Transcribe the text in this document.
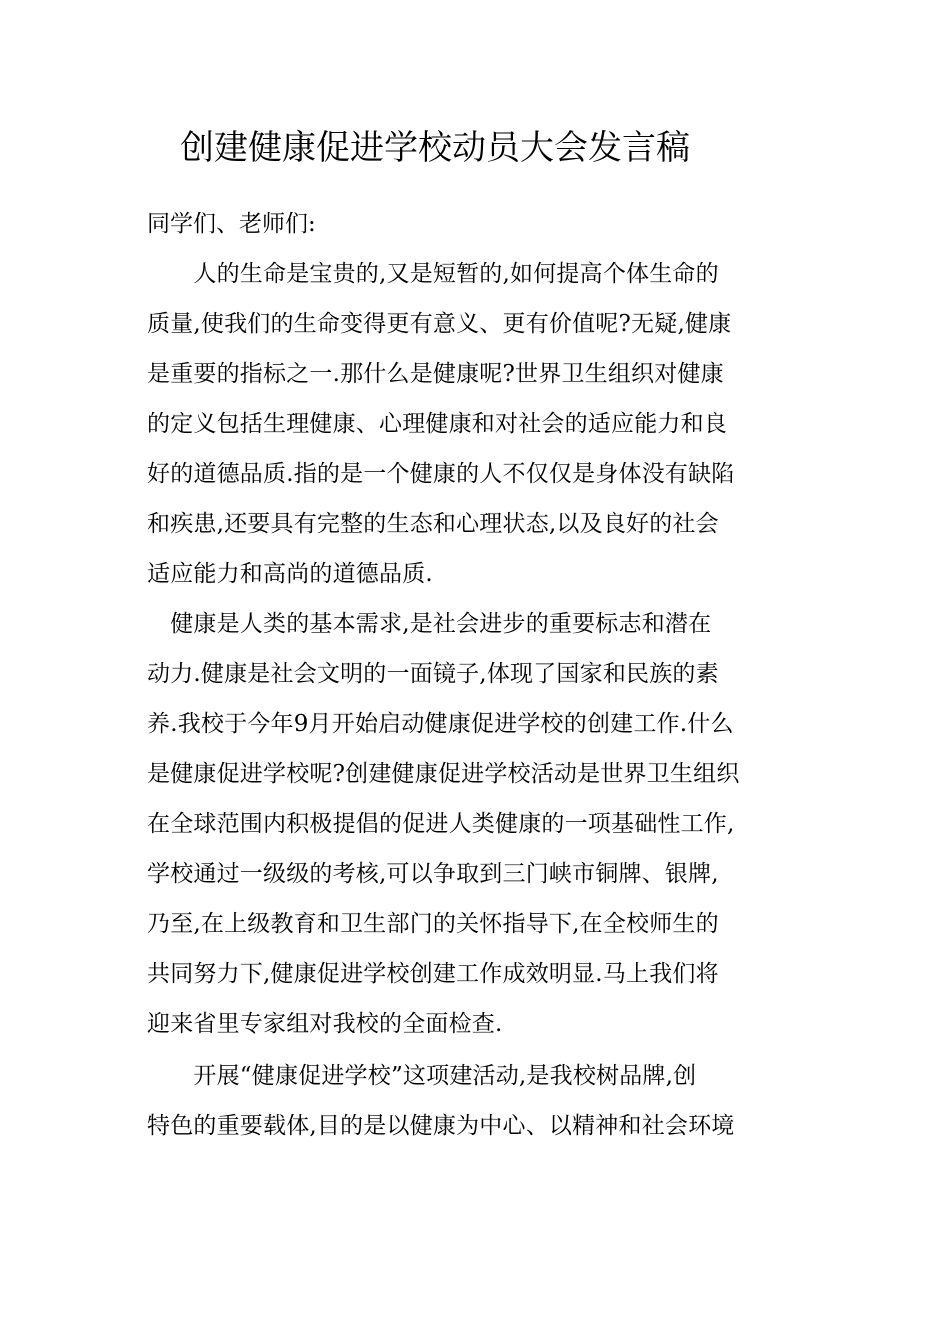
创建健康促进学校动员大会发言稿
同学们、老师们:
　　人的生命是宝贵的,又是短暂的,如何提高个体生命的
质量,使我们的生命变得更有意义、更有价值呢?无疑,健康
是重要的指标之一.那什么是健康呢?世界卫生组织对健康
的定义包括生理健康、心理健康和对社会的适应能力和良
好的道德品质.指的是一个健康的人不仅仅是身体没有缺陷
和疾患,还要具有完整的生态和心理状态,以及良好的社会
适应能力和高尚的道德品质.
　健康是人类的基本需求,是社会进步的重要标志和潜在
动力.健康是社会文明的一面镜子,体现了国家和民族的素
养.我校于今年9月开始启动健康促进学校的创建工作.什么
是健康促进学校呢?创建健康促进学校活动是世界卫生组织
在全球范围内积极提倡的促进人类健康的一项基础性工作,
学校通过一级级的考核,可以争取到三门峡市铜牌、银牌,
乃至,在上级教育和卫生部门的关怀指导下,在全校师生的
共同努力下,健康促进学校创建工作成效明显.马上我们将
迎来省里专家组对我校的全面检查.
　　开展“健康促进学校”这项建活动,是我校树品牌,创
特色的重要载体,目的是以健康为中心、以精神和社会环境
